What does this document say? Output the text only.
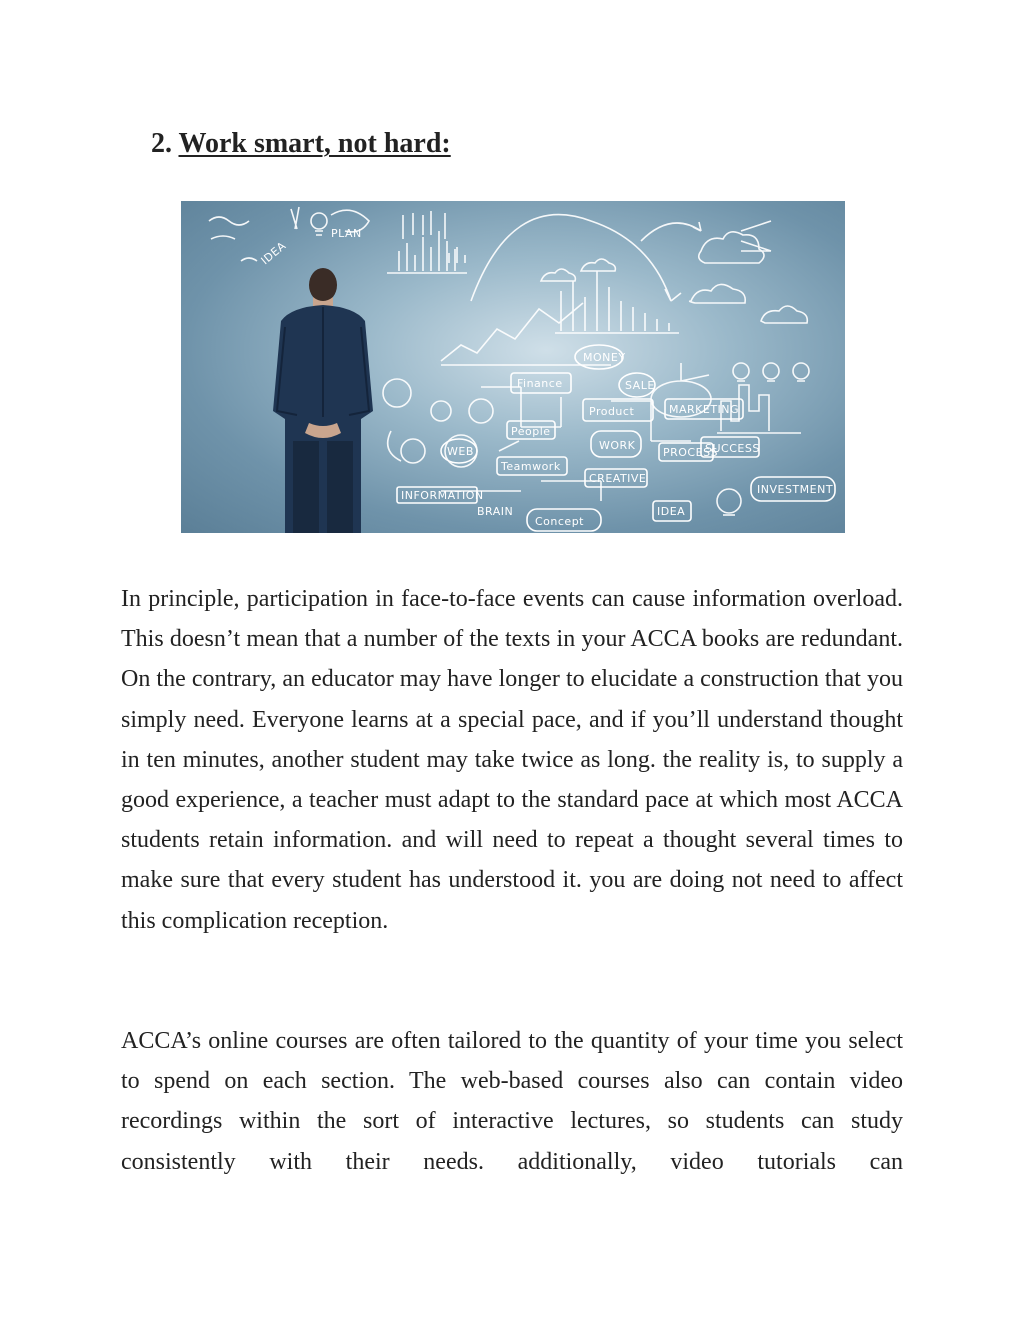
2. Work smart, not hard:
PLAN
IDEA
MONEY
Finance	SALE
Product	MARKETING
People
WORK
PROCESS
SUCCESS
Teamwork
CREATIVE
INFORMATION
BRAIN
Concept
IDEA
INVESTMENT
WEB

In principle, participation in face-to-face events can cause information overload. This doesn’t mean that a number of the texts in your ACCA books are redundant. On the contrary, an educator may have longer to elucidate a construction that you simply need. Everyone learns at a special pace, and if you’ll understand thought in ten minutes, another student may take twice as long. the reality is, to supply a good experience, a teacher must adapt to the standard pace at which most ACCA students retain information. and will need to repeat a thought several times to make sure that every student has understood it. you are doing not need to affect this complication reception.

ACCA’s online courses are often tailored to the quantity of your time you select to spend on each section. The web-based courses also can contain video recordings within the sort of interactive lectures, so students can study consistently with their needs. additionally, video tutorials can
